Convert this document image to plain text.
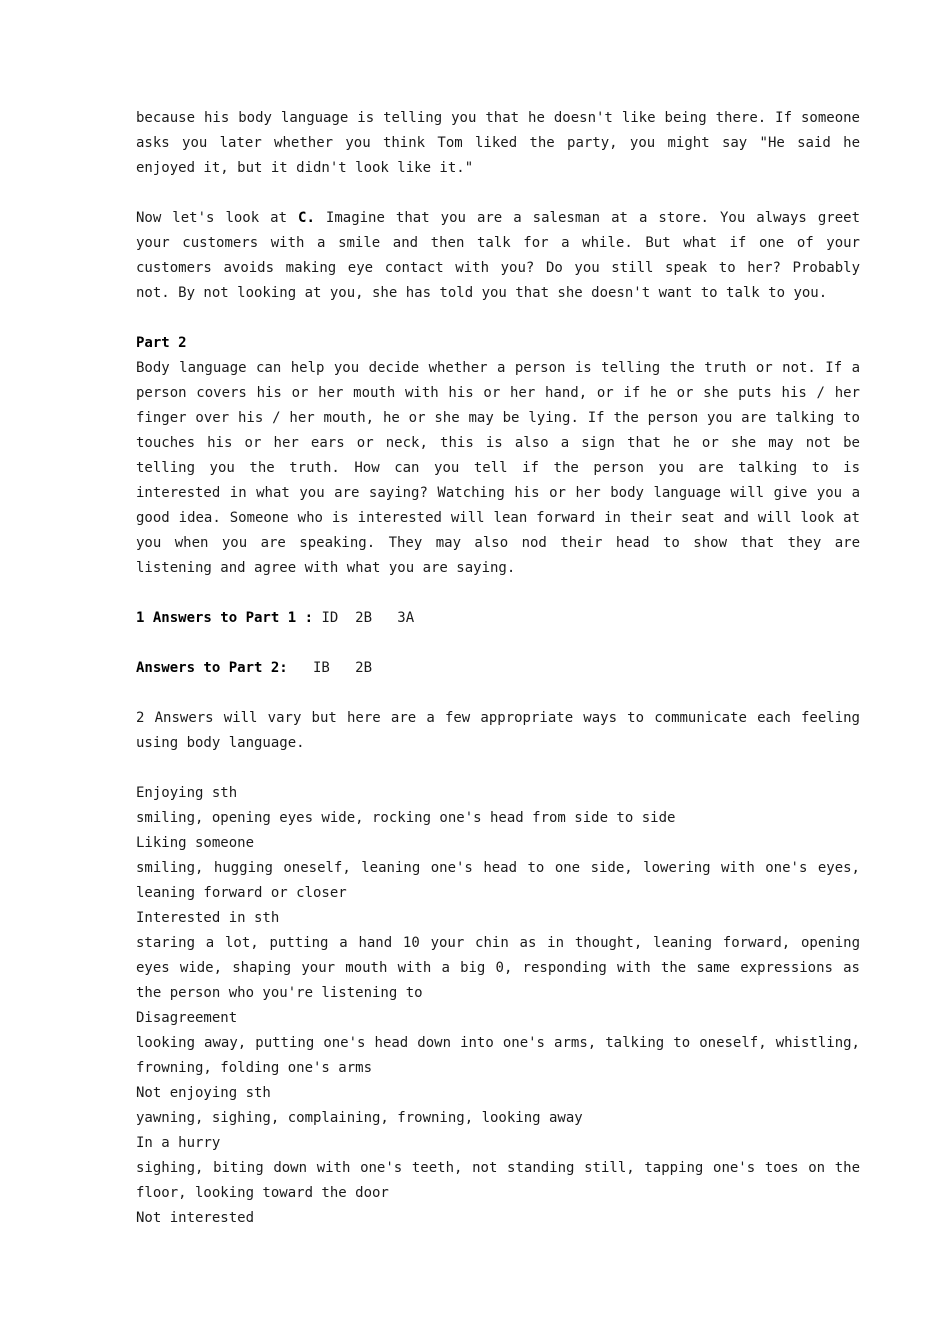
because his body language is telling you that he doesn't like being there. If someone asks you later whether you think Tom liked the party, you might say "He said he enjoyed it, but it didn't look like it."

Now let's look at C. Imagine that you are a salesman at a store. You always greet your customers with a smile and then talk for a while. But what if one of your customers avoids making eye contact with you? Do you still speak to her? Probably not. By not looking at you, she has told you that she doesn't want to talk to you.

Part 2

Body language can help you decide whether a person is telling the truth or not. If a person covers his or her mouth with his or her hand, or if he or she puts his / her finger over his / her mouth, he or she may be lying. If the person you are talking to touches his or her ears or neck, this is also a sign that he or she may not be telling you the truth. How can you tell if the person you are talking to is interested in what you are saying? Watching his or her body language will give you a good idea. Someone who is interested will lean forward in their seat and will look at you when you are speaking. They may also nod their head to show that they are listening and agree with what you are saying.

1 Answers to Part 1 : ID  2B   3A

Answers to Part 2:   IB   2B

2 Answers will vary but here are a few appropriate ways to communicate each feeling using body language.

Enjoying sth

smiling, opening eyes wide, rocking one's head from side to side

Liking someone

smiling, hugging oneself, leaning one's head to one side, lowering with one's eyes, leaning forward or closer

Interested in sth

staring a lot, putting a hand 10 your chin as in thought, leaning forward, opening eyes wide, shaping your mouth with a big 0, responding with the same expressions as the person who you're listening to

Disagreement

looking away, putting one's head down into one's arms, talking to oneself, whistling, frowning, folding one's arms

Not enjoying sth

yawning, sighing, complaining, frowning, looking away

In a hurry

sighing, biting down with one's teeth, not standing still, tapping one's toes on the floor, looking toward the door

Not interested
